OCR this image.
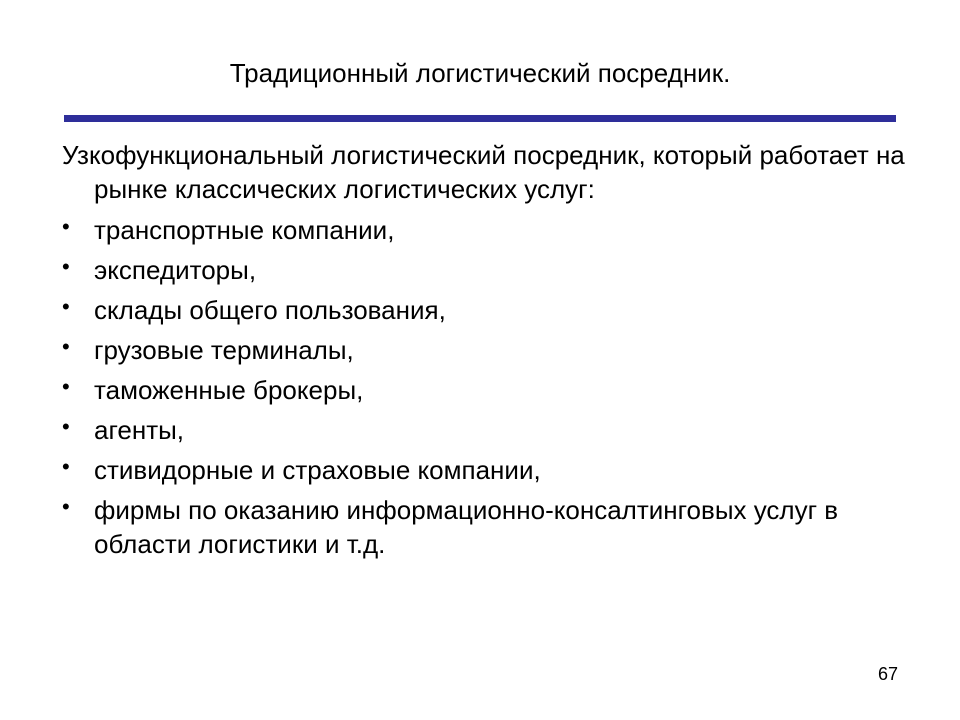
Традиционный логистический посредник.

Узкофункциональный логистический посредник, который работает на рынке классических логистических услуг:

• транспортные компании,
• экспедиторы,
• склады общего пользования,
• грузовые терминалы,
• таможенные брокеры,
• агенты,
• стивидорные и страховые компании,
• фирмы по оказанию информационно-консалтинговых услуг в области логистики и т.д.
67
